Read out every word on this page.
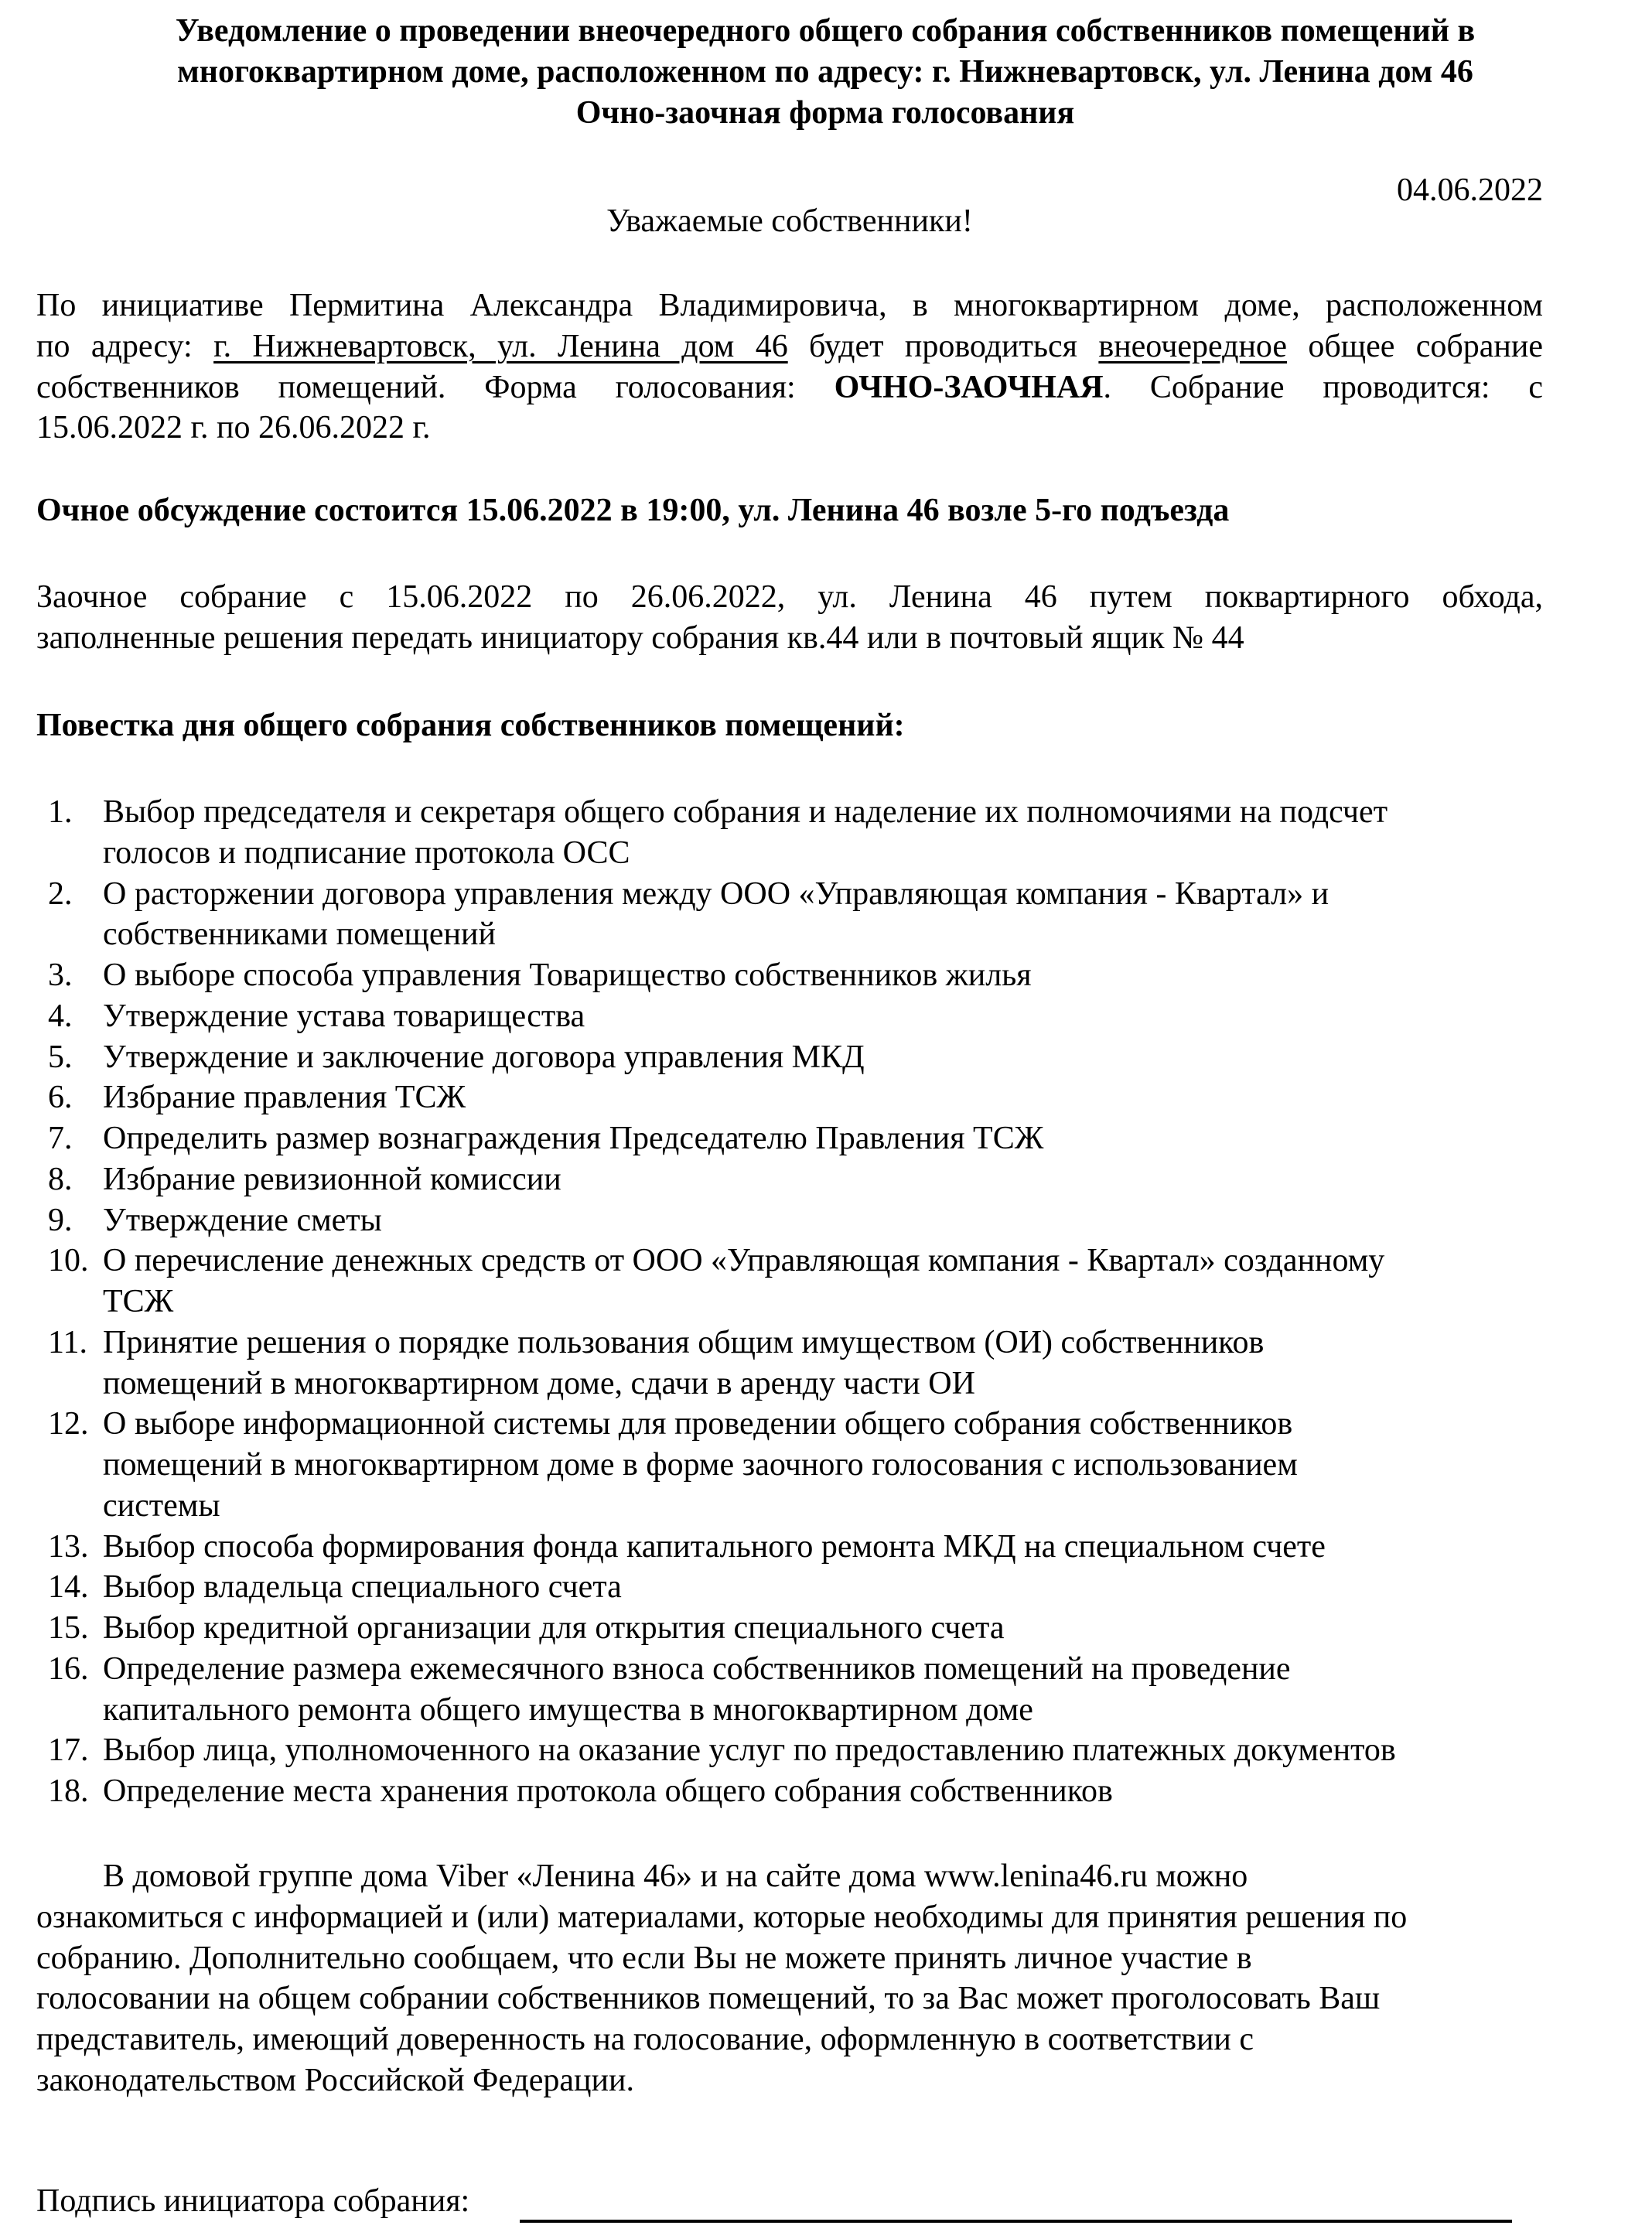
Уведомление о проведении внеочередного общего собрания собственников помещений в
многоквартирном доме, расположенном по адресу: г. Нижневартовск, ул. Ленина дом 46
Очно-заочная форма голосования
04.06.2022
Уважаемые собственники!
По инициативе Пермитина Александра Владимировича, в многоквартирном доме, расположенном
по адресу: г. Нижневартовск, ул. Ленина дом 46 будет проводиться внеочередное общее собрание
собственников помещений. Форма голосования: ОЧНО-ЗАОЧНАЯ. Собрание проводится: с
15.06.2022 г. по 26.06.2022 г.
Очное обсуждение состоится 15.06.2022 в 19:00, ул. Ленина 46 возле 5-го подъезда
Заочное собрание с 15.06.2022 по 26.06.2022, ул. Ленина 46 путем поквартирного обхода,
заполненные решения передать инициатору собрания кв.44 или в почтовый ящик № 44
Повестка дня общего собрания собственников помещений:
1. Выбор председателя и секретаря общего собрания и наделение их полномочиями на подсчет
голосов и подписание протокола ОСС
2. О расторжении договора управления между ООО «Управляющая компания - Квартал» и
собственниками помещений
3. О выборе способа управления Товарищество собственников жилья
4. Утверждение устава товарищества
5. Утверждение и заключение договора управления МКД
6. Избрание правления ТСЖ
7. Определить размер вознаграждения Председателю Правления ТСЖ
8. Избрание ревизионной комиссии
9. Утверждение сметы
10. О перечисление денежных средств от ООО «Управляющая компания - Квартал» созданному
ТСЖ
11. Принятие решения о порядке пользования общим имуществом (ОИ) собственников
помещений в многоквартирном доме, сдачи в аренду части ОИ
12. О выборе информационной системы для проведении общего собрания собственников
помещений в многоквартирном доме в форме заочного голосования с использованием
системы
13. Выбор способа формирования фонда капитального ремонта МКД на специальном счете
14. Выбор владельца специального счета
15. Выбор кредитной организации для открытия специального счета
16. Определение размера ежемесячного взноса собственников помещений на проведение
капитального ремонта общего имущества в многоквартирном доме
17. Выбор лица, уполномоченного на оказание услуг по предоставлению платежных документов
18. Определение места хранения протокола общего собрания собственников
В домовой группе дома Viber «Ленина 46» и на сайте дома www.lenina46.ru можно
ознакомиться с информацией и (или) материалами, которые необходимы для принятия решения по
собранию. Дополнительно сообщаем, что если Вы не можете принять личное участие в
голосовании на общем собрании собственников помещений, то за Вас может проголосовать Ваш
представитель, имеющий доверенность на голосование, оформленную в соответствии с
законодательством Российской Федерации.
Подпись инициатора собрания:
